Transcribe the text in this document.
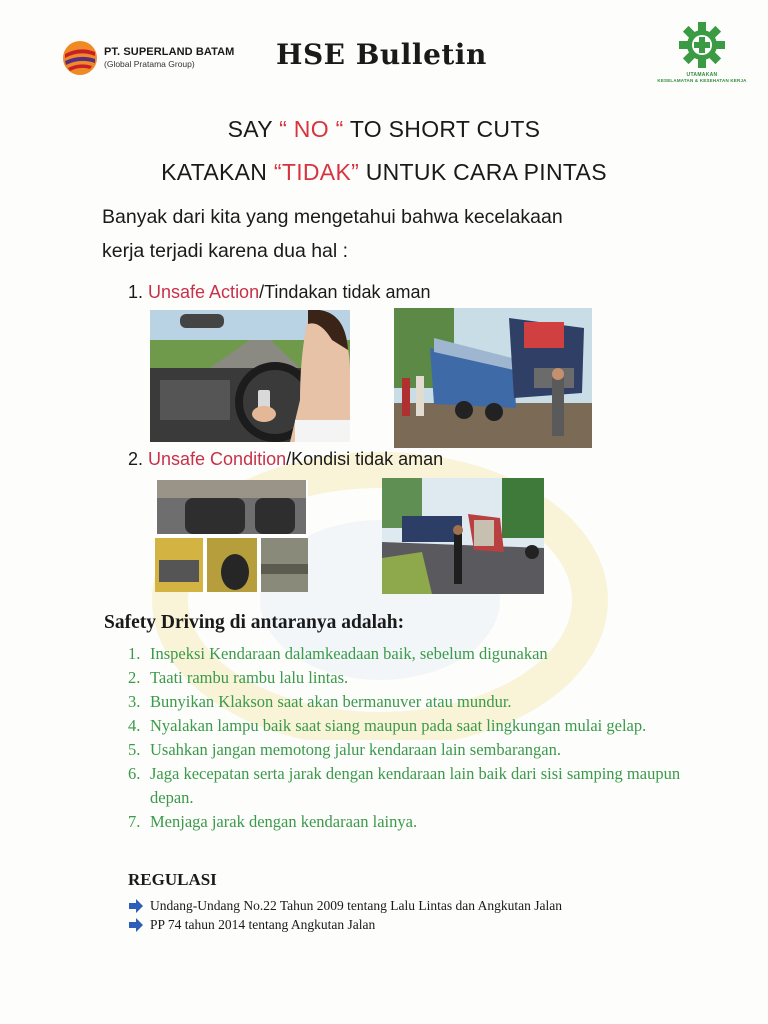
PT. SUPERLAND BATAM
(Global Pratama Group)	HSE Bulletin
UTAMAKAN
KESELAMATAN & KESEHATAN KERJA
SAY “ NO “ TO SHORT CUTS
KATAKAN “TIDAK” UNTUK CARA PINTAS
Banyak dari kita yang mengetahui bahwa kecelakaan
kerja terjadi karena dua hal :
1. Unsafe Action/Tindakan tidak aman
2. Unsafe Condition/Kondisi tidak aman
Safety Driving di antaranya adalah:
1. Inspeksi Kendaraan dalamkeadaan baik, sebelum digunakan
2. Taati rambu rambu lalu lintas.
3. Bunyikan Klakson saat akan bermanuver atau mundur.
4. Nyalakan lampu baik saat siang maupun pada saat lingkungan mulai gelap.
5. Usahkan jangan memotong jalur kendaraan lain sembarangan.
6. Jaga kecepatan serta jarak dengan kendaraan lain baik dari sisi samping maupun depan.
7. Menjaga jarak dengan kendaraan lainya.
REGULASI
Undang-Undang No.22 Tahun 2009 tentang Lalu Lintas dan Angkutan Jalan
PP 74 tahun 2014 tentang Angkutan Jalan
